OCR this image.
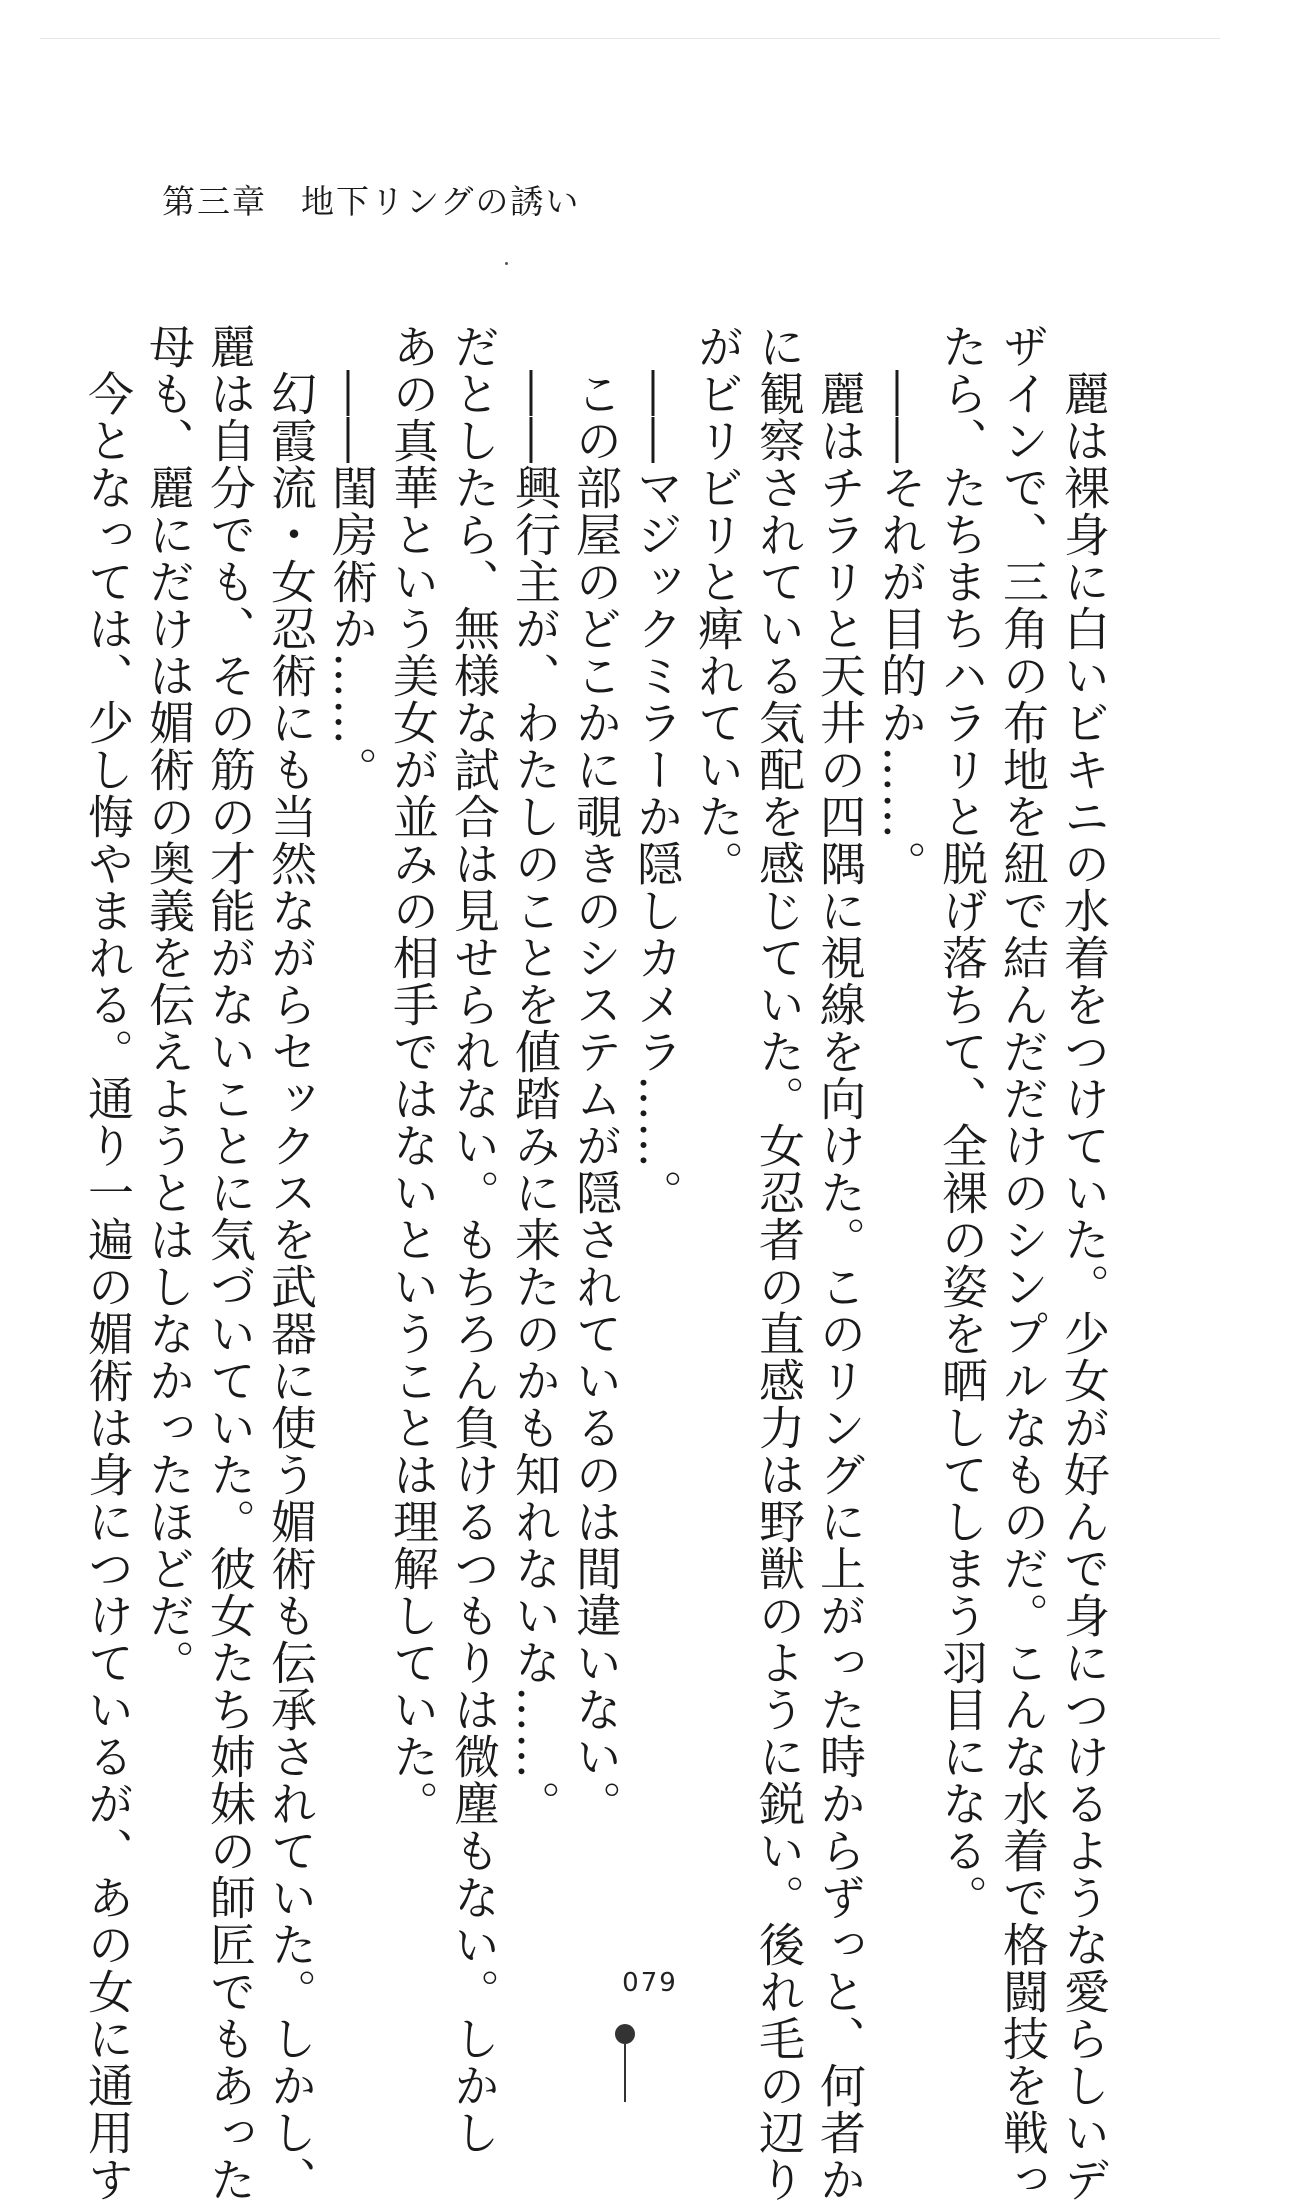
第三章 地下リングの誘い
　麗は裸身に白いビキニの水着をつけていた。少女が好んで身につけるような愛らしいデ
ザインで、三角の布地を紐で結んだだけのシンプルなものだ。こんな水着で格闘技を戦っ
たら、たちまちハラリと脱げ落ちて、全裸の姿を晒してしまう羽目になる。
　――それが目的か……。
　麗はチラリと天井の四隅に視線を向けた。このリングに上がった時からずっと、何者か
に観察されている気配を感じていた。女忍者の直感力は野獣のように鋭い。後れ毛の辺り
がビリビリと痺れていた。
　――マジックミラーか隠しカメラ……。
　この部屋のどこかに覗きのシステムが隠されているのは間違いない。
　――興行主が、わたしのことを値踏みに来たのかも知れないな……。
だとしたら、無様な試合は見せられない。もちろん負けるつもりは微塵もない。しかし
あの真華という美女が並みの相手ではないということは理解していた。
　――閨房術か……。
　幻霞流・女忍術にも当然ながらセックスを武器に使う媚術も伝承されていた。しかし、
麗は自分でも、その筋の才能がないことに気づいていた。彼女たち姉妹の師匠でもあった
母も、麗にだけは媚術の奥義を伝えようとはしなかったほどだ。
　今となっては、少し悔やまれる。通り一遍の媚術は身につけているが、あの女に通用す	079
